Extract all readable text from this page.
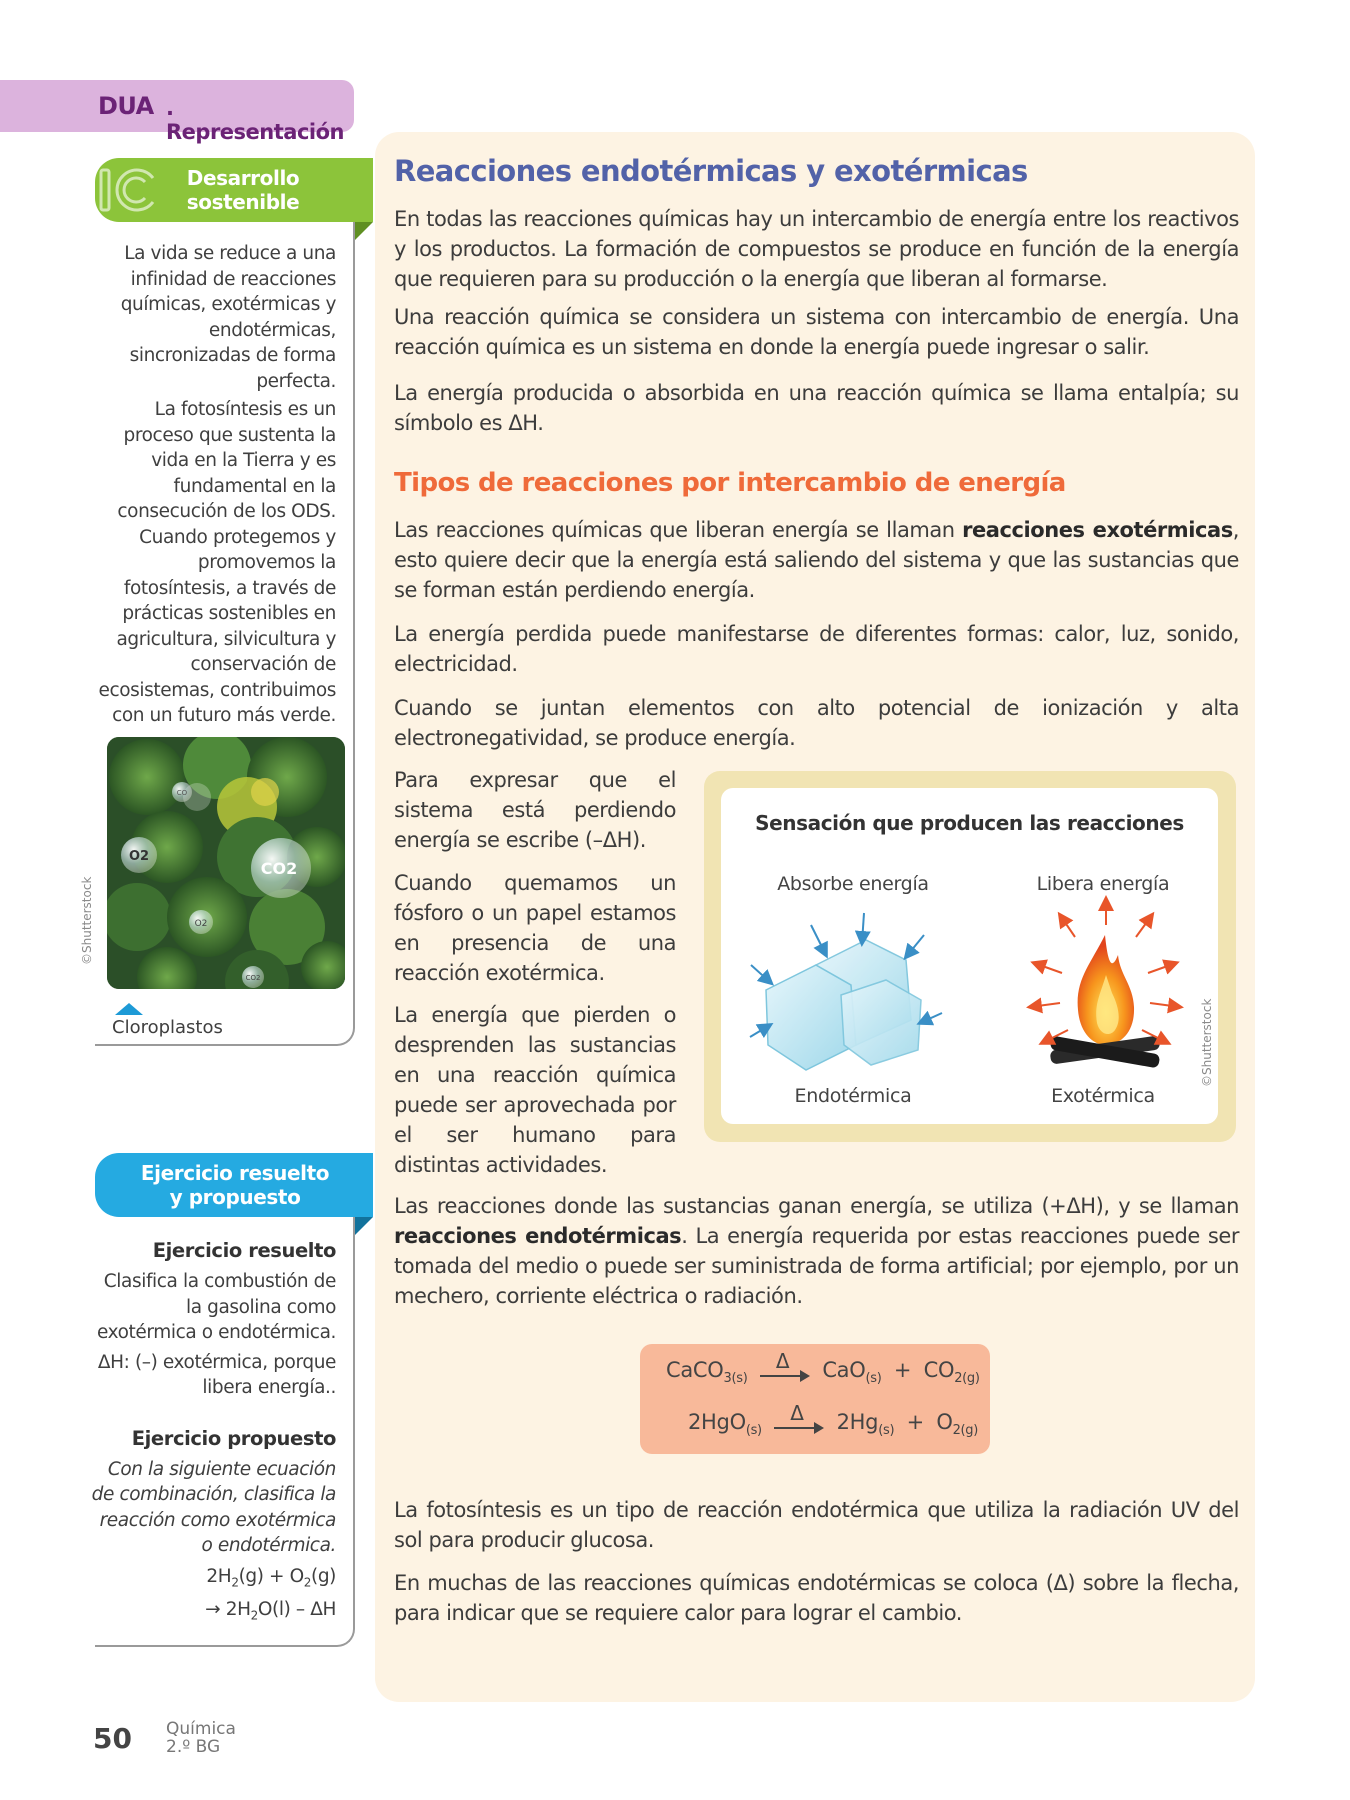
DUA . Representación
Desarrollo
sostenible

La vida se reduce a una infinidad de reacciones químicas, exotérmicas y endotérmicas, sincronizadas de forma perfecta.

La fotosíntesis es un proceso que sustenta la vida en la Tierra y es fundamental en la consecución de los ODS. Cuando protegemos y promovemos la fotosíntesis, a través de prácticas sostenibles en agricultura, silvicultura y conservación de ecosistemas, contribuimos con un futuro más verde.

CO
O2
CO2
O2
CO2
©Shutterstock
Cloroplastos
Ejercicio resuelto
y propuesto
Ejercicio resuelto

Clasifica la combustión de la gasolina como exotérmica o endotérmica.

ΔH: (–) exotérmica, porque libera energía..

Ejercicio propuesto

Con la siguiente ecuación de combinación, clasifica la reacción como exotérmica o endotérmica.

$2H_2(g) + O_2(g)$
→ $2H_2O(l)$ – ΔH

Reacciones endotérmicas y exotérmicas

En todas las reacciones químicas hay un intercambio de energía entre los reactivos y los productos. La formación de compuestos se produce en función de la energía que requieren para su producción o la energía que liberan al formarse.

Una reacción química se considera un sistema con intercambio de energía. Una reacción química es un sistema en donde la energía puede ingresar o salir.

La energía producida o absorbida en una reacción química se llama entalpía; su símbolo es ΔH.

Tipos de reacciones por intercambio de energía

Las reacciones químicas que liberan energía se llaman reacciones exotérmicas, esto quiere decir que la energía está saliendo del sistema y que las sustancias que se forman están perdiendo energía.

La energía perdida puede manifestarse de diferentes formas: calor, luz, sonido, electricidad.

Cuando se juntan elementos con alto potencial de ionización y alta electronegatividad, se produce energía.

Para expresar que el sistema está perdiendo energía se escribe (–ΔH).

Cuando quemamos un fósforo o un papel estamos en presencia de una reacción exotérmica.

La energía que pierden o desprenden las sustancias en una reacción química puede ser aprovechada por el ser humano para distintas actividades.

Sensación que producen las reacciones
Absorbe energía	Libera energía
Endotérmica	Exotérmica
©Shutterstock

Las reacciones donde las sustancias ganan energía, se utiliza (+ΔH), y se llaman reacciones endotérmicas. La energía requerida por estas reacciones puede ser tomada del medio o puede ser suministrada de forma artificial; por ejemplo, por un mechero, corriente eléctrica o radiación.

CaCO$_{3(s)}$
Δ $CaO_{(s)} + CO_{2(g)}$
2HgO$_{(s)}$
Δ $2Hg_{(s)} + O_{2(g)}$

La fotosíntesis es un tipo de reacción endotérmica que utiliza la radiación UV del sol para producir glucosa.

En muchas de las reacciones químicas endotérmicas se coloca (Δ) sobre la flecha, para indicar que se requiere calor para lograr el cambio.

50 Química
2.º BG
